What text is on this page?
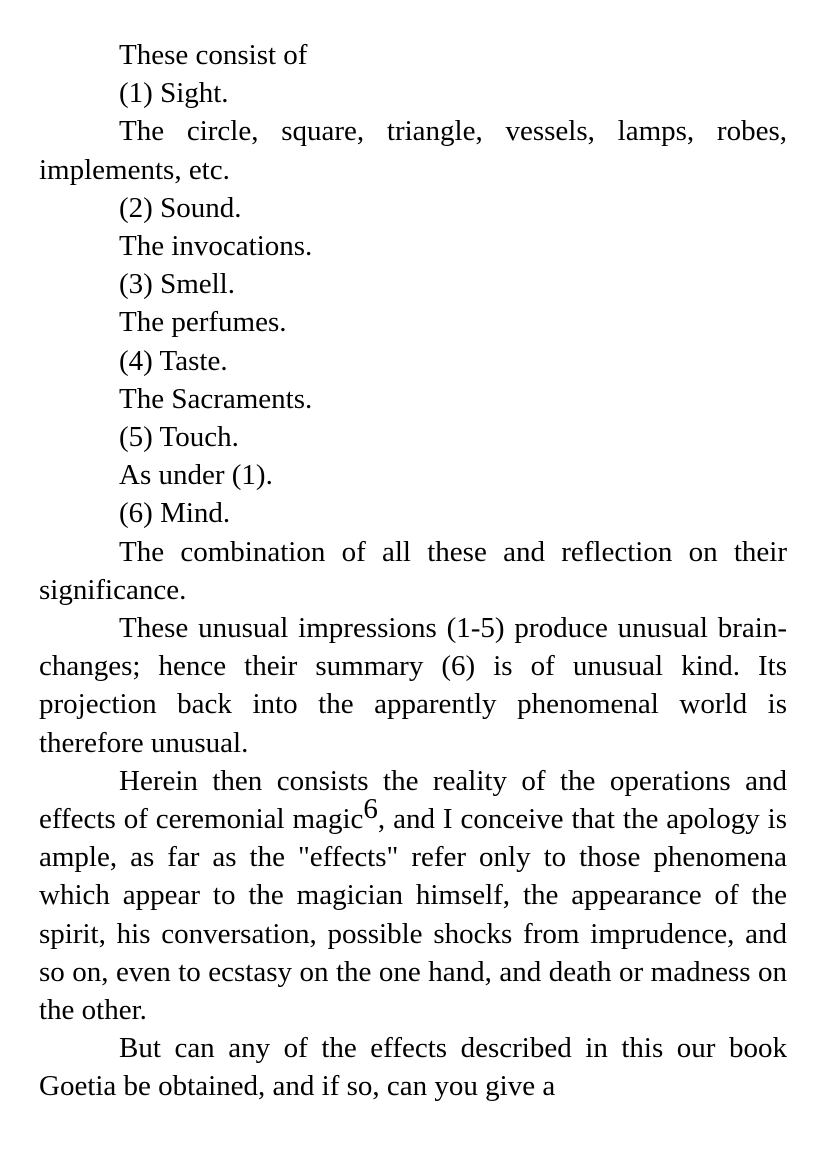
These consist of

(1) Sight.

The circle, square, triangle, vessels, lamps, robes, implements, etc.

(2) Sound.

The invocations.

(3) Smell.

The perfumes.

(4) Taste.

The Sacraments.

(5) Touch.

As under (1).

(6) Mind.

The combination of all these and reflection on their significance.

These unusual impressions (1-5) produce unusual brain-changes; hence their summary (6) is of unusual kind. Its projection back into the apparently phenomenal world is therefore unusual.

Herein then consists the reality of the operations and effects of ceremonial magic$^6$, and I conceive that the apology is ample, as far as the "effects" refer only to those phenomena which appear to the magician himself, the appearance of the spirit, his conversation, possible shocks from imprudence, and so on, even to ecstasy on the one hand, and death or madness on the other.

But can any of the effects described in this our book Goetia be obtained, and if so, can you give a
